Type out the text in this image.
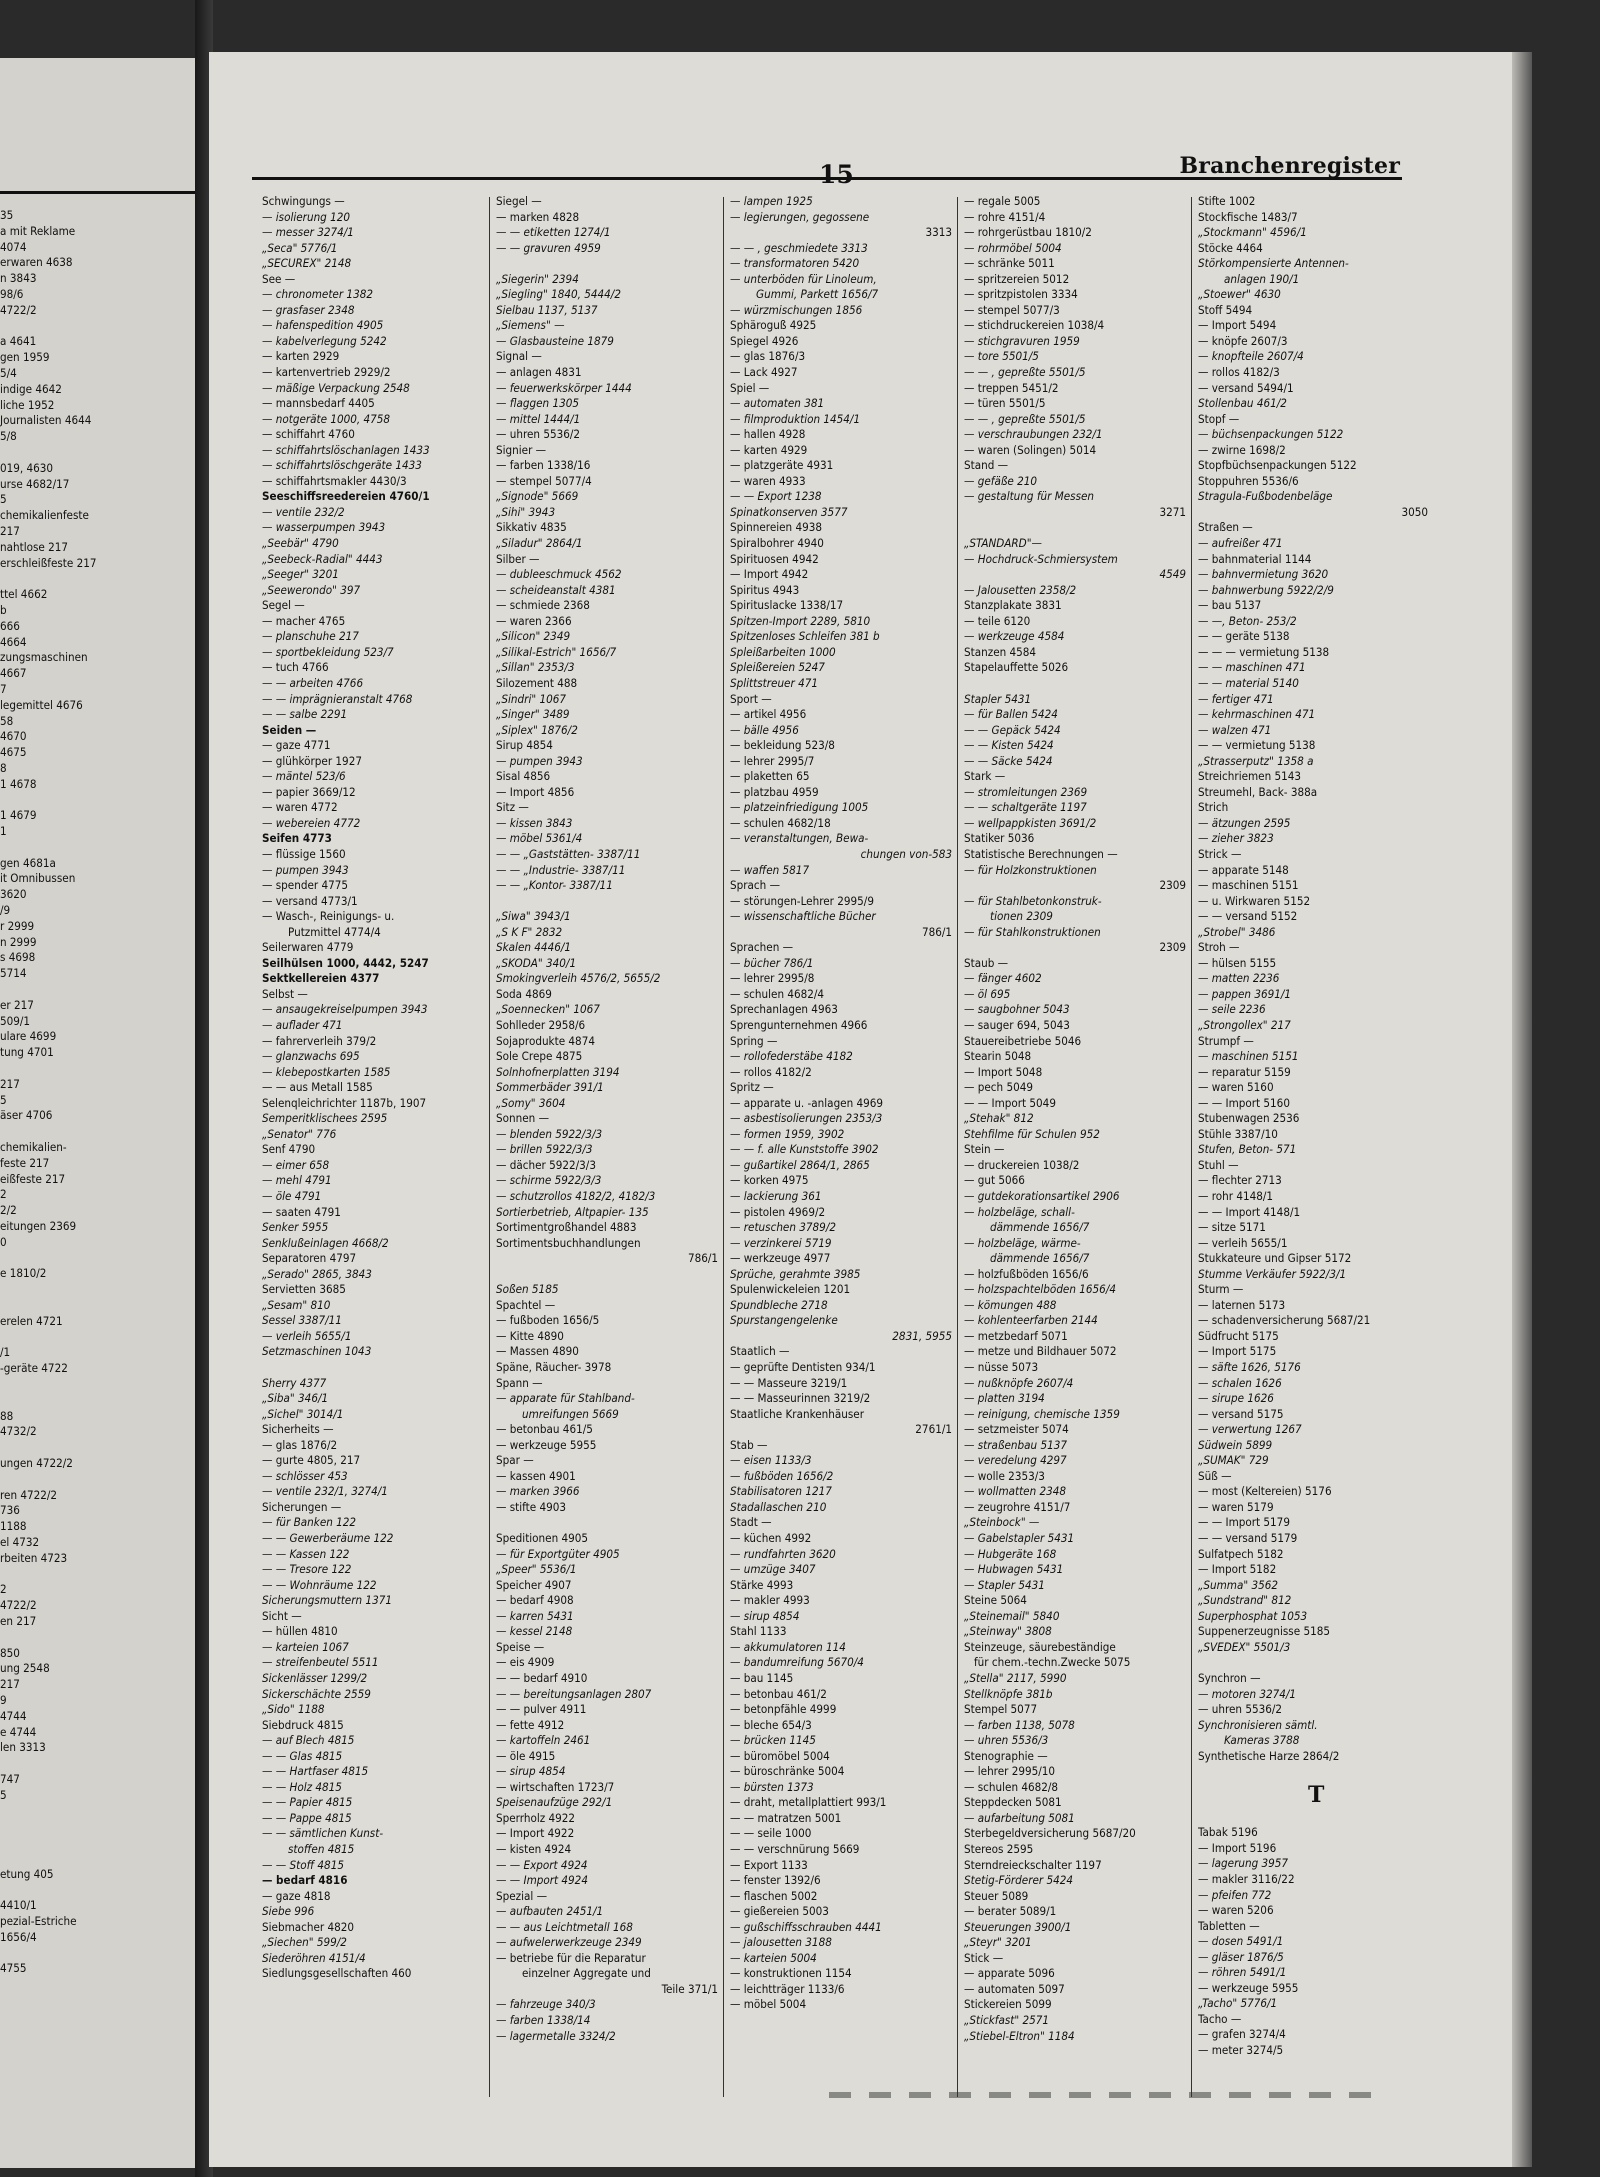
35
a mit Reklame
4074
erwaren 4638
n 3843
98/6
4722/2

a 4641
gen 1959
5/4
indige 4642
liche 1952
Journalisten 4644
5/8

019, 4630
urse 4682/17
5
chemikalienfeste
217
nahtlose 217
erschleißfeste 217

ttel 4662
b
666
4664
zungsmaschinen
4667
7
legemittel 4676
58
4670
4675
8
1 4678

1 4679
1

gen 4681a
it Omnibussen
3620
/9
r 2999
n 2999
s 4698
5714

er 217
509/1
ulare 4699
tung 4701

217
5
äser 4706

chemikalien-
feste 217
eißfeste 217
2
2/2
eitungen 2369
0

e 1810/2

erelen 4721

/1
-geräte 4722

88
4732/2

ungen 4722/2

ren 4722/2
736
1188
el 4732
rbeiten 4723

2
4722/2
en 217

850
ung 2548
217
9
4744
e 4744
len 3313

747
5

etung 405

4410/1
pezial-Estriche
1656/4

4755
15	Branchenregister
Schwingungs —
— isolierung 120
— messer 3274/1
„Seca" 5776/1
„SECUREX" 2148
See —
— chronometer 1382
— grasfaser 2348
— hafenspedition 4905
— kabelverlegung 5242
— karten 2929
— kartenvertrieb 2929/2
— mäßige Verpackung 2548
— mannsbedarf 4405
— notgeräte 1000, 4758
— schiffahrt 4760
— schiffahrtslöschanlagen 1433
— schiffahrtslöschgeräte 1433
— schiffahrtsmakler 4430/3
Seeschiffsreedereien 4760/1
— ventile 232/2
— wasserpumpen 3943
„Seebär" 4790
„Seebeck-Radial" 4443
„Seeger" 3201
„Seewerondo" 397
Segel —
— macher 4765
— planschuhe 217
— sportbekleidung 523/7
— tuch 4766
— — arbeiten 4766
— — imprägnieranstalt 4768
— — salbe 2291
Seiden —
— gaze 4771
— glühkörper 1927
— mäntel 523/6
— papier 3669/12
— waren 4772
— webereien 4772
Seifen 4773
— flüssige 1560
— pumpen 3943
— spender 4775
— versand 4773/1
— Wasch-, Reinigungs- u.
Putzmittel 4774/4
Seilerwaren 4779
Seilhülsen 1000, 4442, 5247
Sektkellereien 4377
Selbst —
— ansaugekreiselpumpen 3943
— auflader 471
— fahrerverleih 379/2
— glanzwachs 695
— klebepostkarten 1585
— — aus Metall 1585
Selenqleichrichter 1187b, 1907
Semperitklischees 2595
„Senator" 776
Senf 4790
— eimer 658
— mehl 4791
— öle 4791
— saaten 4791
Senker 5955
Senklußeinlagen 4668/2
Separatoren 4797
„Serado" 2865, 3843
Servietten 3685
„Sesam" 810
Sessel 3387/11
— verleih 5655/1
Setzmaschinen 1043

Sherry 4377
„Siba" 346/1
„Sichel" 3014/1
Sicherheits —
— glas 1876/2
— gurte 4805, 217
— schlösser 453
— ventile 232/1, 3274/1
Sicherungen —
— für Banken 122
— — Gewerberäume 122
— — Kassen 122
— — Tresore 122
— — Wohnräume 122
Sicherungsmuttern 1371
Sicht —
— hüllen 4810
— karteien 1067
— streifenbeutel 5511
Sickenlässer 1299/2
Sickerschächte 2559
„Sido" 1188
Siebdruck 4815
— auf Blech 4815
— — Glas 4815
— — Hartfaser 4815
— — Holz 4815
— — Papier 4815
— — Pappe 4815
— — sämtlichen Kunst-
stoffen 4815
— — Stoff 4815
— bedarf 4816
— gaze 4818
Siebe 996
Siebmacher 4820
„Siechen" 599/2
Siederöhren 4151/4
Siedlungsgesellschaften 460
Siegel —
— marken 4828
— — etiketten 1274/1
— — gravuren 4959

„Siegerin" 2394
„Siegling" 1840, 5444/2
Sielbau 1137, 5137
„Siemens" —
— Glasbausteine 1879
Signal —
— anlagen 4831
— feuerwerkskörper 1444
— flaggen 1305
— mittel 1444/1
— uhren 5536/2
Signier —
— farben 1338/16
— stempel 5077/4
„Signode" 5669
„Sihi" 3943
Sikkativ 4835
„Siladur" 2864/1
Silber —
— dubleeschmuck 4562
— scheideanstalt 4381
— schmiede 2368
— waren 2366
„Silicon" 2349
„Silikal-Estrich" 1656/7
„Sillan" 2353/3
Silozement 488
„Sindri" 1067
„Singer" 3489
„Siplex" 1876/2
Sirup 4854
— pumpen 3943
Sisal 4856
— Import 4856
Sitz —
— kissen 3843
— möbel 5361/4
— — „Gaststätten- 3387/11
— — „Industrie- 3387/11
— — „Kontor- 3387/11

„Siwa" 3943/1
„S K F" 2832
Skalen 4446/1
„SKODA" 340/1
Smokingverleih 4576/2, 5655/2
Soda 4869
„Soennecken" 1067
Sohlleder 2958/6
Sojaprodukte 4874
Sole Crepe 4875
Solnhofnerplatten 3194
Sommerbäder 391/1
„Somy" 3604
Sonnen —
— blenden 5922/3/3
— brillen 5922/3/3
— dächer 5922/3/3
— schirme 5922/3/3
— schutzrollos 4182/2, 4182/3
Sortierbetrieb, Altpapier- 135
Sortimentgroßhandel 4883
Sortimentsbuchhandlungen
786/1

Soßen 5185
Spachtel —
— fußboden 1656/5
— Kitte 4890
— Massen 4890
Späne, Räucher- 3978
Spann —
— apparate für Stahlband-
umreifungen 5669
— betonbau 461/5
— werkzeuge 5955
Spar —
— kassen 4901
— marken 3966
— stifte 4903

Speditionen 4905
— für Exportgüter 4905
„Speer" 5536/1
Speicher 4907
— bedarf 4908
— karren 5431
— kessel 2148
Speise —
— eis 4909
— — bedarf 4910
— — bereitungsanlagen 2807
— — pulver 4911
— fette 4912
— kartoffeln 2461
— öle 4915
— sirup 4854
— wirtschaften 1723/7
Speisenaufzüge 292/1
Sperrholz 4922
— Import 4922
— kisten 4924
— — Export 4924
— — Import 4924
Spezial —
— aufbauten 2451/1
— — aus Leichtmetall 168
— aufwelerwerkzeuge 2349
— betriebe für die Reparatur
einzelner Aggregate und
Teile 371/1
— fahrzeuge 340/3
— farben 1338/14
— lagermetalle 3324/2
— lampen 1925
— legierungen, gegossene
3313
— — , geschmiedete 3313
— transformatoren 5420
— unterböden für Linoleum,
Gummi, Parkett 1656/7
— würzmischungen 1856
Sphäroguß 4925
Spiegel 4926
— glas 1876/3
— Lack 4927
Spiel —
— automaten 381
— filmproduktion 1454/1
— hallen 4928
— karten 4929
— platzgeräte 4931
— waren 4933
— — Export 1238
Spinatkonserven 3577
Spinnereien 4938
Spiralbohrer 4940
Spirituosen 4942
— Import 4942
Spiritus 4943
Spirituslacke 1338/17
Spitzen-Import 2289, 5810
Spitzenloses Schleifen 381 b
Spleißarbeiten 1000
Spleißereien 5247
Splittstreuer 471
Sport —
— artikel 4956
— bälle 4956
— bekleidung 523/8
— lehrer 2995/7
— plaketten 65
— platzbau 4959
— platzeinfriedigung 1005
— schulen 4682/18
— veranstaltungen, Bewa-
chungen von-583
— waffen 5817
Sprach —
— störungen-Lehrer 2995/9
— wissenschaftliche Bücher
786/1
Sprachen —
— bücher 786/1
— lehrer 2995/8
— schulen 4682/4
Sprechanlagen 4963
Sprengunternehmen 4966
Spring —
— rollofederstäbe 4182
— rollos 4182/2
Spritz —
— apparate u. -anlagen 4969
— asbestisolierungen 2353/3
— formen 1959, 3902
— — f. alle Kunststoffe 3902
— gußartikel 2864/1, 2865
— korken 4975
— lackierung 361
— pistolen 4969/2
— retuschen 3789/2
— verzinkerei 5719
— werkzeuge 4977
Sprüche, gerahmte 3985
Spulenwickeleien 1201
Spundbleche 2718
Spurstangengelenke
2831, 5955
Staatlich —
— geprüfte Dentisten 934/1
— — Masseure 3219/1
— — Masseurinnen 3219/2
Staatliche Krankenhäuser
2761/1
Stab —
— eisen 1133/3
— fußböden 1656/2
Stabilisatoren 1217
Stadallaschen 210
Stadt —
— küchen 4992
— rundfahrten 3620
— umzüge 3407
Stärke 4993
— makler 4993
— sirup 4854
Stahl 1133
— akkumulatoren 114
— bandumreifung 5670/4
— bau 1145
— betonbau 461/2
— betonpfähle 4999
— bleche 654/3
— brücken 1145
— büromöbel 5004
— büroschränke 5004
— bürsten 1373
— draht, metallplattiert 993/1
— — matratzen 5001
— — seile 1000
— — verschnürung 5669
— Export 1133
— fenster 1392/6
— flaschen 5002
— gießereien 5003
— gußschiffsschrauben 4441
— jalousetten 3188
— karteien 5004
— konstruktionen 1154
— leichtträger 1133/6
— möbel 5004
— regale 5005
— rohre 4151/4
— rohrgerüstbau 1810/2
— rohrmöbel 5004
— schränke 5011
— spritzereien 5012
— spritzpistolen 3334
— stempel 5077/3
— stichdruckereien 1038/4
— stichgravuren 1959
— tore 5501/5
— — , gepreßte 5501/5
— treppen 5451/2
— türen 5501/5
— — , gepreßte 5501/5
— verschraubungen 232/1
— waren (Solingen) 5014
Stand —
— gefäße 210
— gestaltung für Messen
3271

„STANDARD"—
— Hochdruck-Schmiersystem
4549
— Jalousetten 2358/2
Stanzplakate 3831
— teile 6120
— werkzeuge 4584
Stanzen 4584
Stapelauffette 5026

Stapler 5431
— für Ballen 5424
— — Gepäck 5424
— — Kisten 5424
— — Säcke 5424
Stark —
— stromleitungen 2369
— — schaltgeräte 1197
— wellpappkisten 3691/2
Statiker 5036
Statistische Berechnungen —
— für Holzkonstruktionen
2309
— für Stahlbetonkonstruk-
tionen 2309
— für Stahlkonstruktionen
2309
Staub —
— fänger 4602
— öl 695
— saugbohner 5043
— sauger 694, 5043
Stauereibetriebe 5046
Stearin 5048
— Import 5048
— pech 5049
— — Import 5049
„Stehak" 812
Stehfilme für Schulen 952
Stein —
— druckereien 1038/2
— gut 5066
— gutdekorationsartikel 2906
— holzbeläge, schall-
dämmende 1656/7
— holzbeläge, wärme-
dämmende 1656/7
— holzfußböden 1656/6
— holzspachtelböden 1656/4
— kömungen 488
— kohlenteerfarben 2144
— metzbedarf 5071
— metze und Bildhauer 5072
— nüsse 5073
— nußknöpfe 2607/4
— platten 3194
— reinigung, chemische 1359
— setzmeister 5074
— straßenbau 5137
— veredelung 4297
— wolle 2353/3
— wollmatten 2348
— zeugrohre 4151/7
„Steinbock" —
— Gabelstapler 5431
— Hubgeräte 168
— Hubwagen 5431
— Stapler 5431
Steine 5064
„Steinemail" 5840
„Steinway" 3808
Steinzeuge, säurebeständige
für chem.-techn.Zwecke 5075
„Stella" 2117, 5990
Stellknöpfe 381b
Stempel 5077
— farben 1138, 5078
— uhren 5536/3
Stenographie —
— lehrer 2995/10
— schulen 4682/8
Steppdecken 5081
— aufarbeitung 5081
Sterbegeldversicherung 5687/20
Stereos 2595
Sterndreieckschalter 1197
Stetig-Förderer 5424
Steuer 5089
— berater 5089/1
Steuerungen 3900/1
„Steyr" 3201
Stick —
— apparate 5096
— automaten 5097
Stickereien 5099
„Stickfast" 2571
„Stiebel-Eltron" 1184
Stifte 1002
Stockfische 1483/7
„Stockmann" 4596/1
Stöcke 4464
Störkompensierte Antennen-
anlagen 190/1
„Stoewer" 4630
Stoff 5494
— Import 5494
— knöpfe 2607/3
— knopfteile 2607/4
— rollos 4182/3
— versand 5494/1
Stollenbau 461/2
Stopf —
— büchsenpackungen 5122
— zwirne 1698/2
Stopfbüchsenpackungen 5122
Stoppuhren 5536/6
Stragula-Fußbodenbeläge
3050
Straßen —
— aufreißer 471
— bahnmaterial 1144
— bahnvermietung 3620
— bahnwerbung 5922/2/9
— bau 5137
— —, Beton- 253/2
— — geräte 5138
— — — vermietung 5138
— — maschinen 471
— — material 5140
— fertiger 471
— kehrmaschinen 471
— walzen 471
— — vermietung 5138
„Strasserputz" 1358 a
Streichriemen 5143
Streumehl, Back- 388a
Strich
— ätzungen 2595
— zieher 3823
Strick —
— apparate 5148
— maschinen 5151
— u. Wirkwaren 5152
— — versand 5152
„Strobel" 3486
Stroh —
— hülsen 5155
— matten 2236
— pappen 3691/1
— seile 2236
„Strongollex" 217
Strumpf —
— maschinen 5151
— reparatur 5159
— waren 5160
— — Import 5160
Stubenwagen 2536
Stühle 3387/10
Stufen, Beton- 571
Stuhl —
— flechter 2713
— rohr 4148/1
— — Import 4148/1
— sitze 5171
— verleih 5655/1
Stukkateure und Gipser 5172
Stumme Verkäufer 5922/3/1
Sturm —
— laternen 5173
— schadenversicherung 5687/21
Südfrucht 5175
— Import 5175
— säfte 1626, 5176
— schalen 1626
— sirupe 1626
— versand 5175
— verwertung 1267
Südwein 5899
„SUMAK" 729
Süß —
— most (Keltereien) 5176
— waren 5179
— — Import 5179
— — versand 5179
Sulfatpech 5182
— Import 5182
„Summa" 3562
„Sundstrand" 812
Superphosphat 1053
Suppenerzeugnisse 5185
„SVEDEX" 5501/3

Synchron —
— motoren 3274/1
— uhren 5536/2
Synchronisieren sämtl.
Kameras 3788
Synthetische Harze 2864/2

T

Tabak 5196
— Import 5196
— lagerung 3957
— makler 3116/22
— pfeifen 772
— waren 5206
Tabletten —
— dosen 5491/1
— gläser 1876/5
— röhren 5491/1
— werkzeuge 5955
„Tacho" 5776/1
Tacho —
— grafen 3274/4
— meter 3274/5
